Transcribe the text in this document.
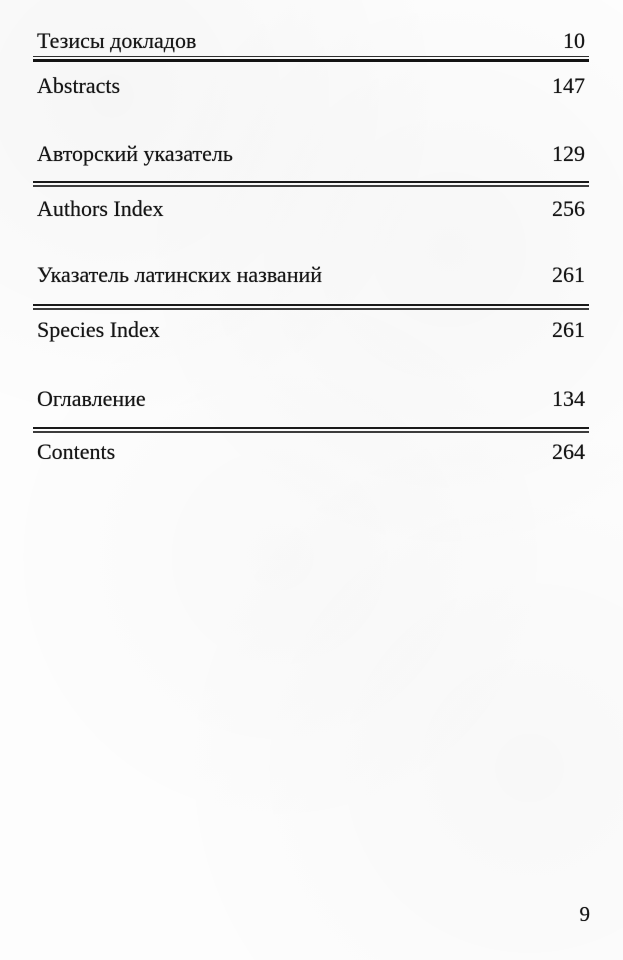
Тезисы докладов	10
Abstracts	147
Авторский указатель	129
Authors Index	256
Указатель латинских названий	261
Species Index	261
Оглавление	134
Contents	264
9
